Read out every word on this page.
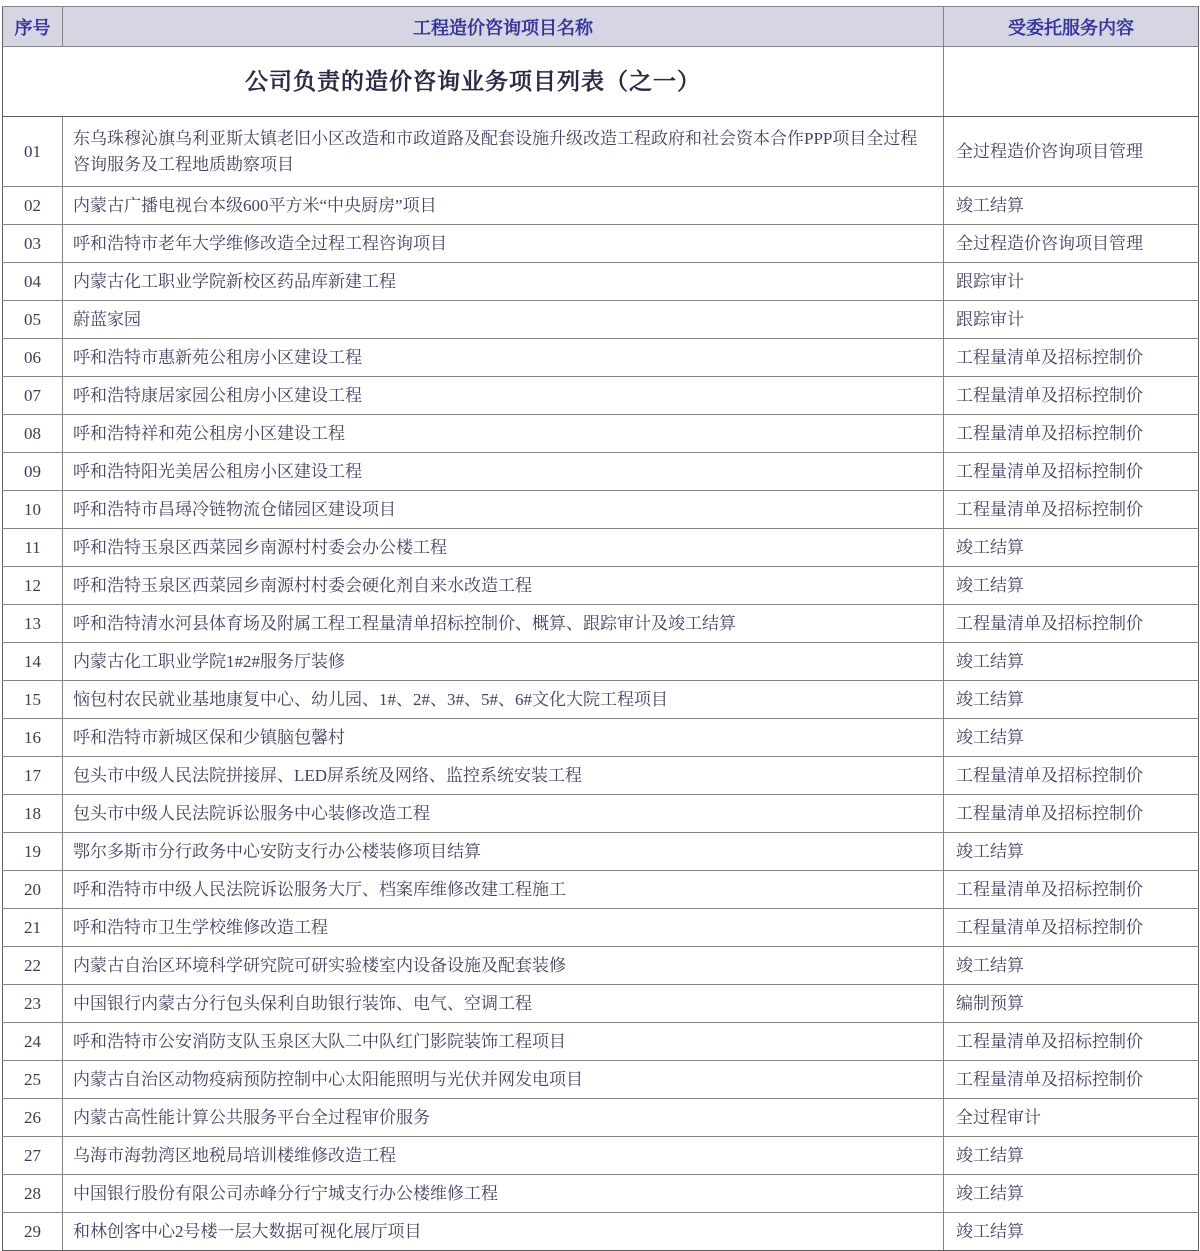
公司负责的造价咨询业务项目列表（之一）		
序号	工程造价咨询项目名称	受委托服务内容
01	东乌珠穆沁旗乌利亚斯太镇老旧小区改造和市政道路及配套设施升级改造工程政府和社会资本合作PPP项目全过程咨询服务及工程地质勘察项目	全过程造价咨询项目管理
02	内蒙古广播电视台本级600平方米“中央厨房”项目	竣工结算
03	呼和浩特市老年大学维修改造全过程工程咨询项目	全过程造价咨询项目管理
04	内蒙古化工职业学院新校区药品库新建工程	跟踪审计
05	蔚蓝家园	跟踪审计
06	呼和浩特市惠新苑公租房小区建设工程	工程量清单及招标控制价
07	呼和浩特康居家园公租房小区建设工程	工程量清单及招标控制价
08	呼和浩特祥和苑公租房小区建设工程	工程量清单及招标控制价
09	呼和浩特阳光美居公租房小区建设工程	工程量清单及招标控制价
10	呼和浩特市昌璕冷链物流仓储园区建设项目	工程量清单及招标控制价
11	呼和浩特玉泉区西菜园乡南源村村委会办公楼工程	竣工结算
12	呼和浩特玉泉区西菜园乡南源村村委会硬化剂自来水改造工程	竣工结算
13	呼和浩特清水河县体育场及附属工程工程量清单招标控制价、概算、跟踪审计及竣工结算	工程量清单及招标控制价
14	内蒙古化工职业学院1#2#服务厅装修	竣工结算
15	恼包村农民就业基地康复中心、幼儿园、1#、2#、3#、5#、6#文化大院工程项目	竣工结算
16	呼和浩特市新城区保和少镇脑包馨村	竣工结算
17	包头市中级人民法院拼接屏、LED屏系统及网络、监控系统安装工程	工程量清单及招标控制价
18	包头市中级人民法院诉讼服务中心装修改造工程	工程量清单及招标控制价
19	鄂尔多斯市分行政务中心安防支行办公楼装修项目结算	竣工结算
20	呼和浩特市中级人民法院诉讼服务大厅、档案库维修改建工程施工	工程量清单及招标控制价
21	呼和浩特市卫生学校维修改造工程	工程量清单及招标控制价
22	内蒙古自治区环境科学研究院可研实验楼室内设备设施及配套装修	竣工结算
23	中国银行内蒙古分行包头保利自助银行装饰、电气、空调工程	编制预算
24	呼和浩特市公安消防支队玉泉区大队二中队红门影院装饰工程项目	工程量清单及招标控制价
25	内蒙古自治区动物疫病预防控制中心太阳能照明与光伏并网发电项目	工程量清单及招标控制价
26	内蒙古高性能计算公共服务平台全过程审价服务	全过程审计
27	乌海市海勃湾区地税局培训楼维修改造工程	竣工结算
28	中国银行股份有限公司赤峰分行宁城支行办公楼维修工程	竣工结算
29	和林创客中心2号楼一层大数据可视化展厅项目	竣工结算
